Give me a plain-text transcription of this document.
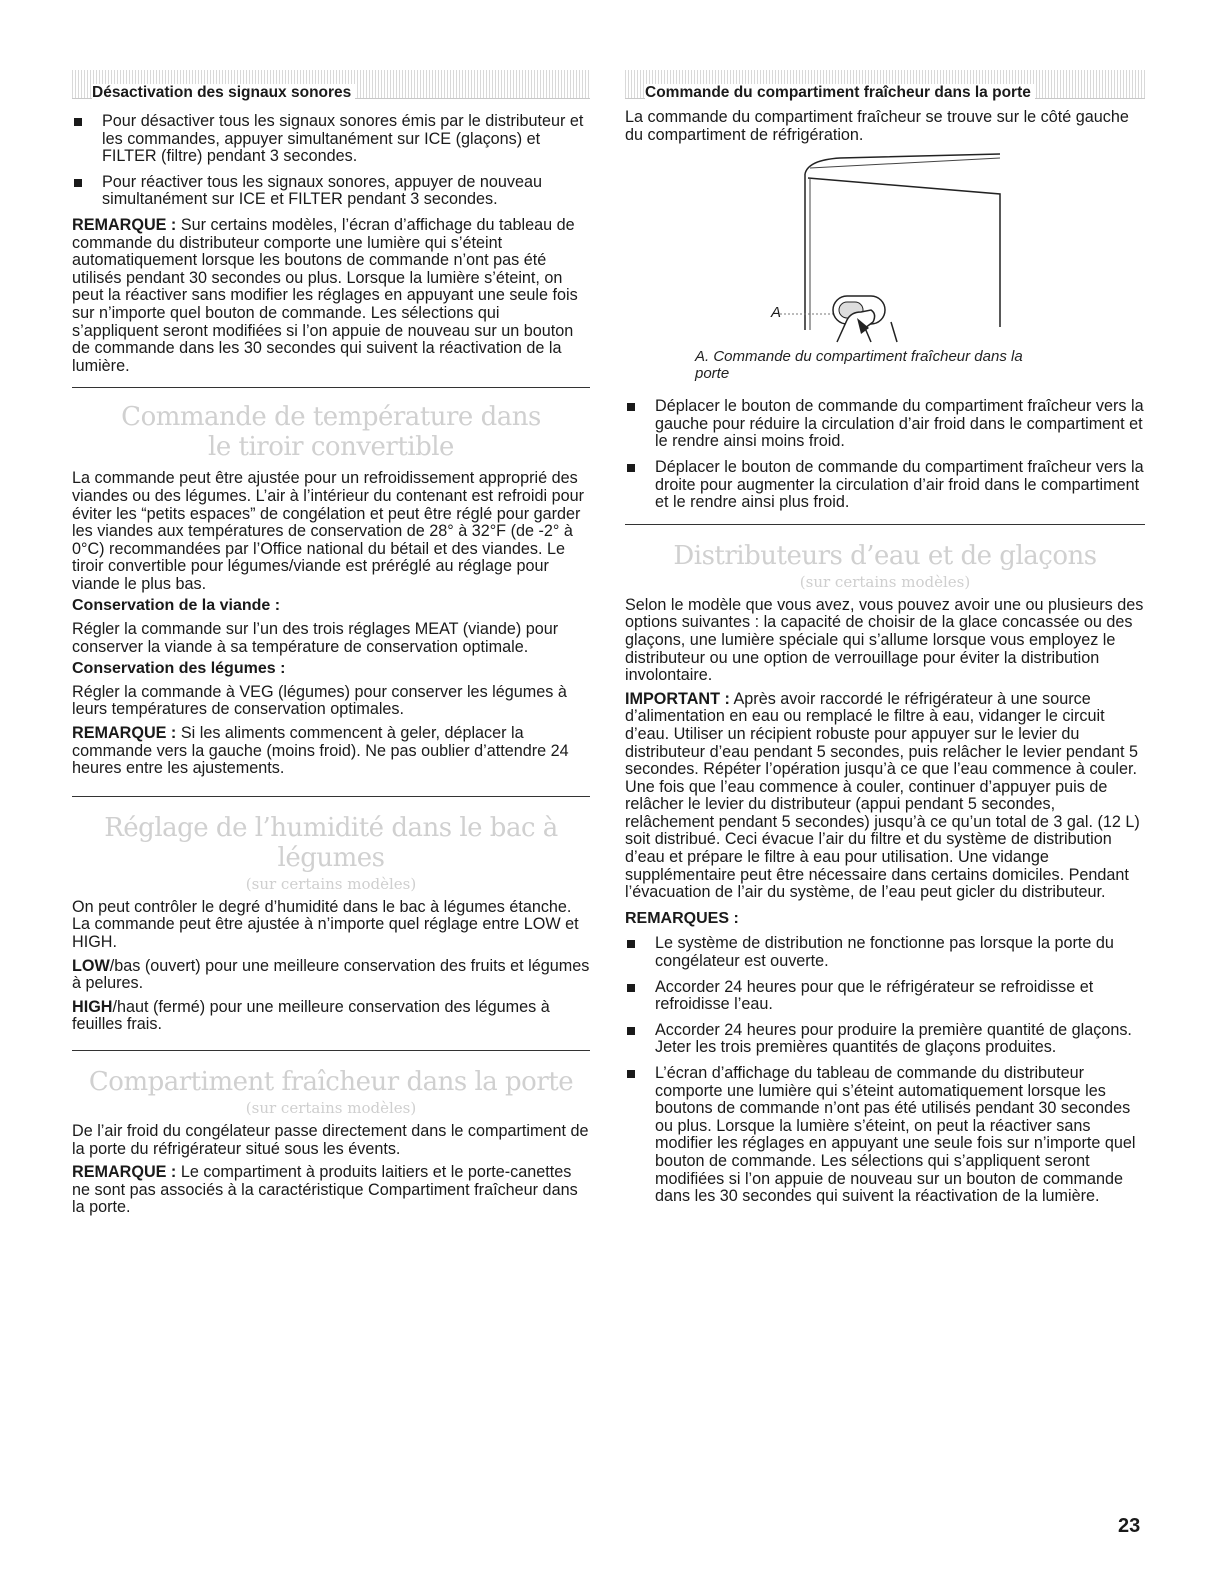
Désactivation des signaux sonores

Pour désactiver tous les signaux sonores émis par le distributeur et les commandes, appuyer simultanément sur ICE (glaçons) et FILTER (filtre) pendant 3 secondes.

Pour réactiver tous les signaux sonores, appuyer de nouveau simultanément sur ICE et FILTER pendant 3 secondes.

REMARQUE : Sur certains modèles, l’écran d’affichage du tableau de commande du distributeur comporte une lumière qui s’éteint automatiquement lorsque les boutons de commande n’ont pas été utilisés pendant 30 secondes ou plus. Lorsque la lumière s’éteint, on peut la réactiver sans modifier les réglages en appuyant une seule fois sur n’importe quel bouton de commande. Les sélections qui s’appliquent seront modifiées si l’on appuie de nouveau sur un bouton de commande dans les 30 secondes qui suivent la réactivation de la lumière.

Commande de température dans
le tiroir convertible

La commande peut être ajustée pour un refroidissement approprié des viandes ou des légumes. L’air à l’intérieur du contenant est refroidi pour éviter les “petits espaces” de congélation et peut être réglé pour garder les viandes aux températures de conservation de 28° à 32°F (de -2° à 0°C) recommandées par l’Office national du bétail et des viandes. Le tiroir convertible pour légumes/viande est préréglé au réglage pour viande le plus bas.

Conservation de la viande :

Régler la commande sur l’un des trois réglages MEAT (viande) pour conserver la viande à sa température de conservation optimale.

Conservation des légumes :

Régler la commande à VEG (légumes) pour conserver les légumes à leurs températures de conservation optimales.

REMARQUE : Si les aliments commencent à geler, déplacer la commande vers la gauche (moins froid). Ne pas oublier d’attendre 24 heures entre les ajustements.

Réglage de l’humidité dans le bac à légumes
(sur certains modèles)

On peut contrôler le degré d’humidité dans le bac à légumes étanche. La commande peut être ajustée à n’importe quel réglage entre LOW et HIGH.

LOW/bas (ouvert) pour une meilleure conservation des fruits et légumes à pelures.

HIGH/haut (fermé) pour une meilleure conservation des légumes à feuilles frais.

Compartiment fraîcheur dans la porte
(sur certains modèles)

De l’air froid du congélateur passe directement dans le compartiment de la porte du réfrigérateur situé sous les évents.

REMARQUE : Le compartiment à produits laitiers et le porte-canettes ne sont pas associés à la caractéristique Compartiment fraîcheur dans la porte.

Commande du compartiment fraîcheur dans la porte

La commande du compartiment fraîcheur se trouve sur le côté gauche du compartiment de réfrigération.

A

A. Commande du compartiment fraîcheur dans la porte

Déplacer le bouton de commande du compartiment fraîcheur vers la gauche pour réduire la circulation d’air froid dans le compartiment et le rendre ainsi moins froid.

Déplacer le bouton de commande du compartiment fraîcheur vers la droite pour augmenter la circulation d’air froid dans le compartiment et le rendre ainsi plus froid.

Distributeurs d’eau et de glaçons
(sur certains modèles)

Selon le modèle que vous avez, vous pouvez avoir une ou plusieurs des options suivantes : la capacité de choisir de la glace concassée ou des glaçons, une lumière spéciale qui s’allume lorsque vous employez le distributeur ou une option de verrouillage pour éviter la distribution involontaire.

IMPORTANT : Après avoir raccordé le réfrigérateur à une source d’alimentation en eau ou remplacé le filtre à eau, vidanger le circuit d’eau. Utiliser un récipient robuste pour appuyer sur le levier du distributeur d’eau pendant 5 secondes, puis relâcher le levier pendant 5 secondes. Répéter l’opération jusqu’à ce que l’eau commence à couler. Une fois que l’eau commence à couler, continuer d’appuyer puis de relâcher le levier du distributeur (appui pendant 5 secondes, relâchement pendant 5 secondes) jusqu’à ce qu’un total de 3 gal. (12 L) soit distribué. Ceci évacue l’air du filtre et du système de distribution d’eau et prépare le filtre à eau pour utilisation. Une vidange supplémentaire peut être nécessaire dans certains domiciles. Pendant l’évacuation de l’air du système, de l’eau peut gicler du distributeur.

REMARQUES :

Le système de distribution ne fonctionne pas lorsque la porte du congélateur est ouverte.

Accorder 24 heures pour que le réfrigérateur se refroidisse et refroidisse l’eau.

Accorder 24 heures pour produire la première quantité de glaçons. Jeter les trois premières quantités de glaçons produites.

L’écran d’affichage du tableau de commande du distributeur comporte une lumière qui s’éteint automatiquement lorsque les boutons de commande n’ont pas été utilisés pendant 30 secondes ou plus. Lorsque la lumière s’éteint, on peut la réactiver sans modifier les réglages en appuyant une seule fois sur n’importe quel bouton de commande. Les sélections qui s’appliquent seront modifiées si l’on appuie de nouveau sur un bouton de commande dans les 30 secondes qui suivent la réactivation de la lumière.

23
